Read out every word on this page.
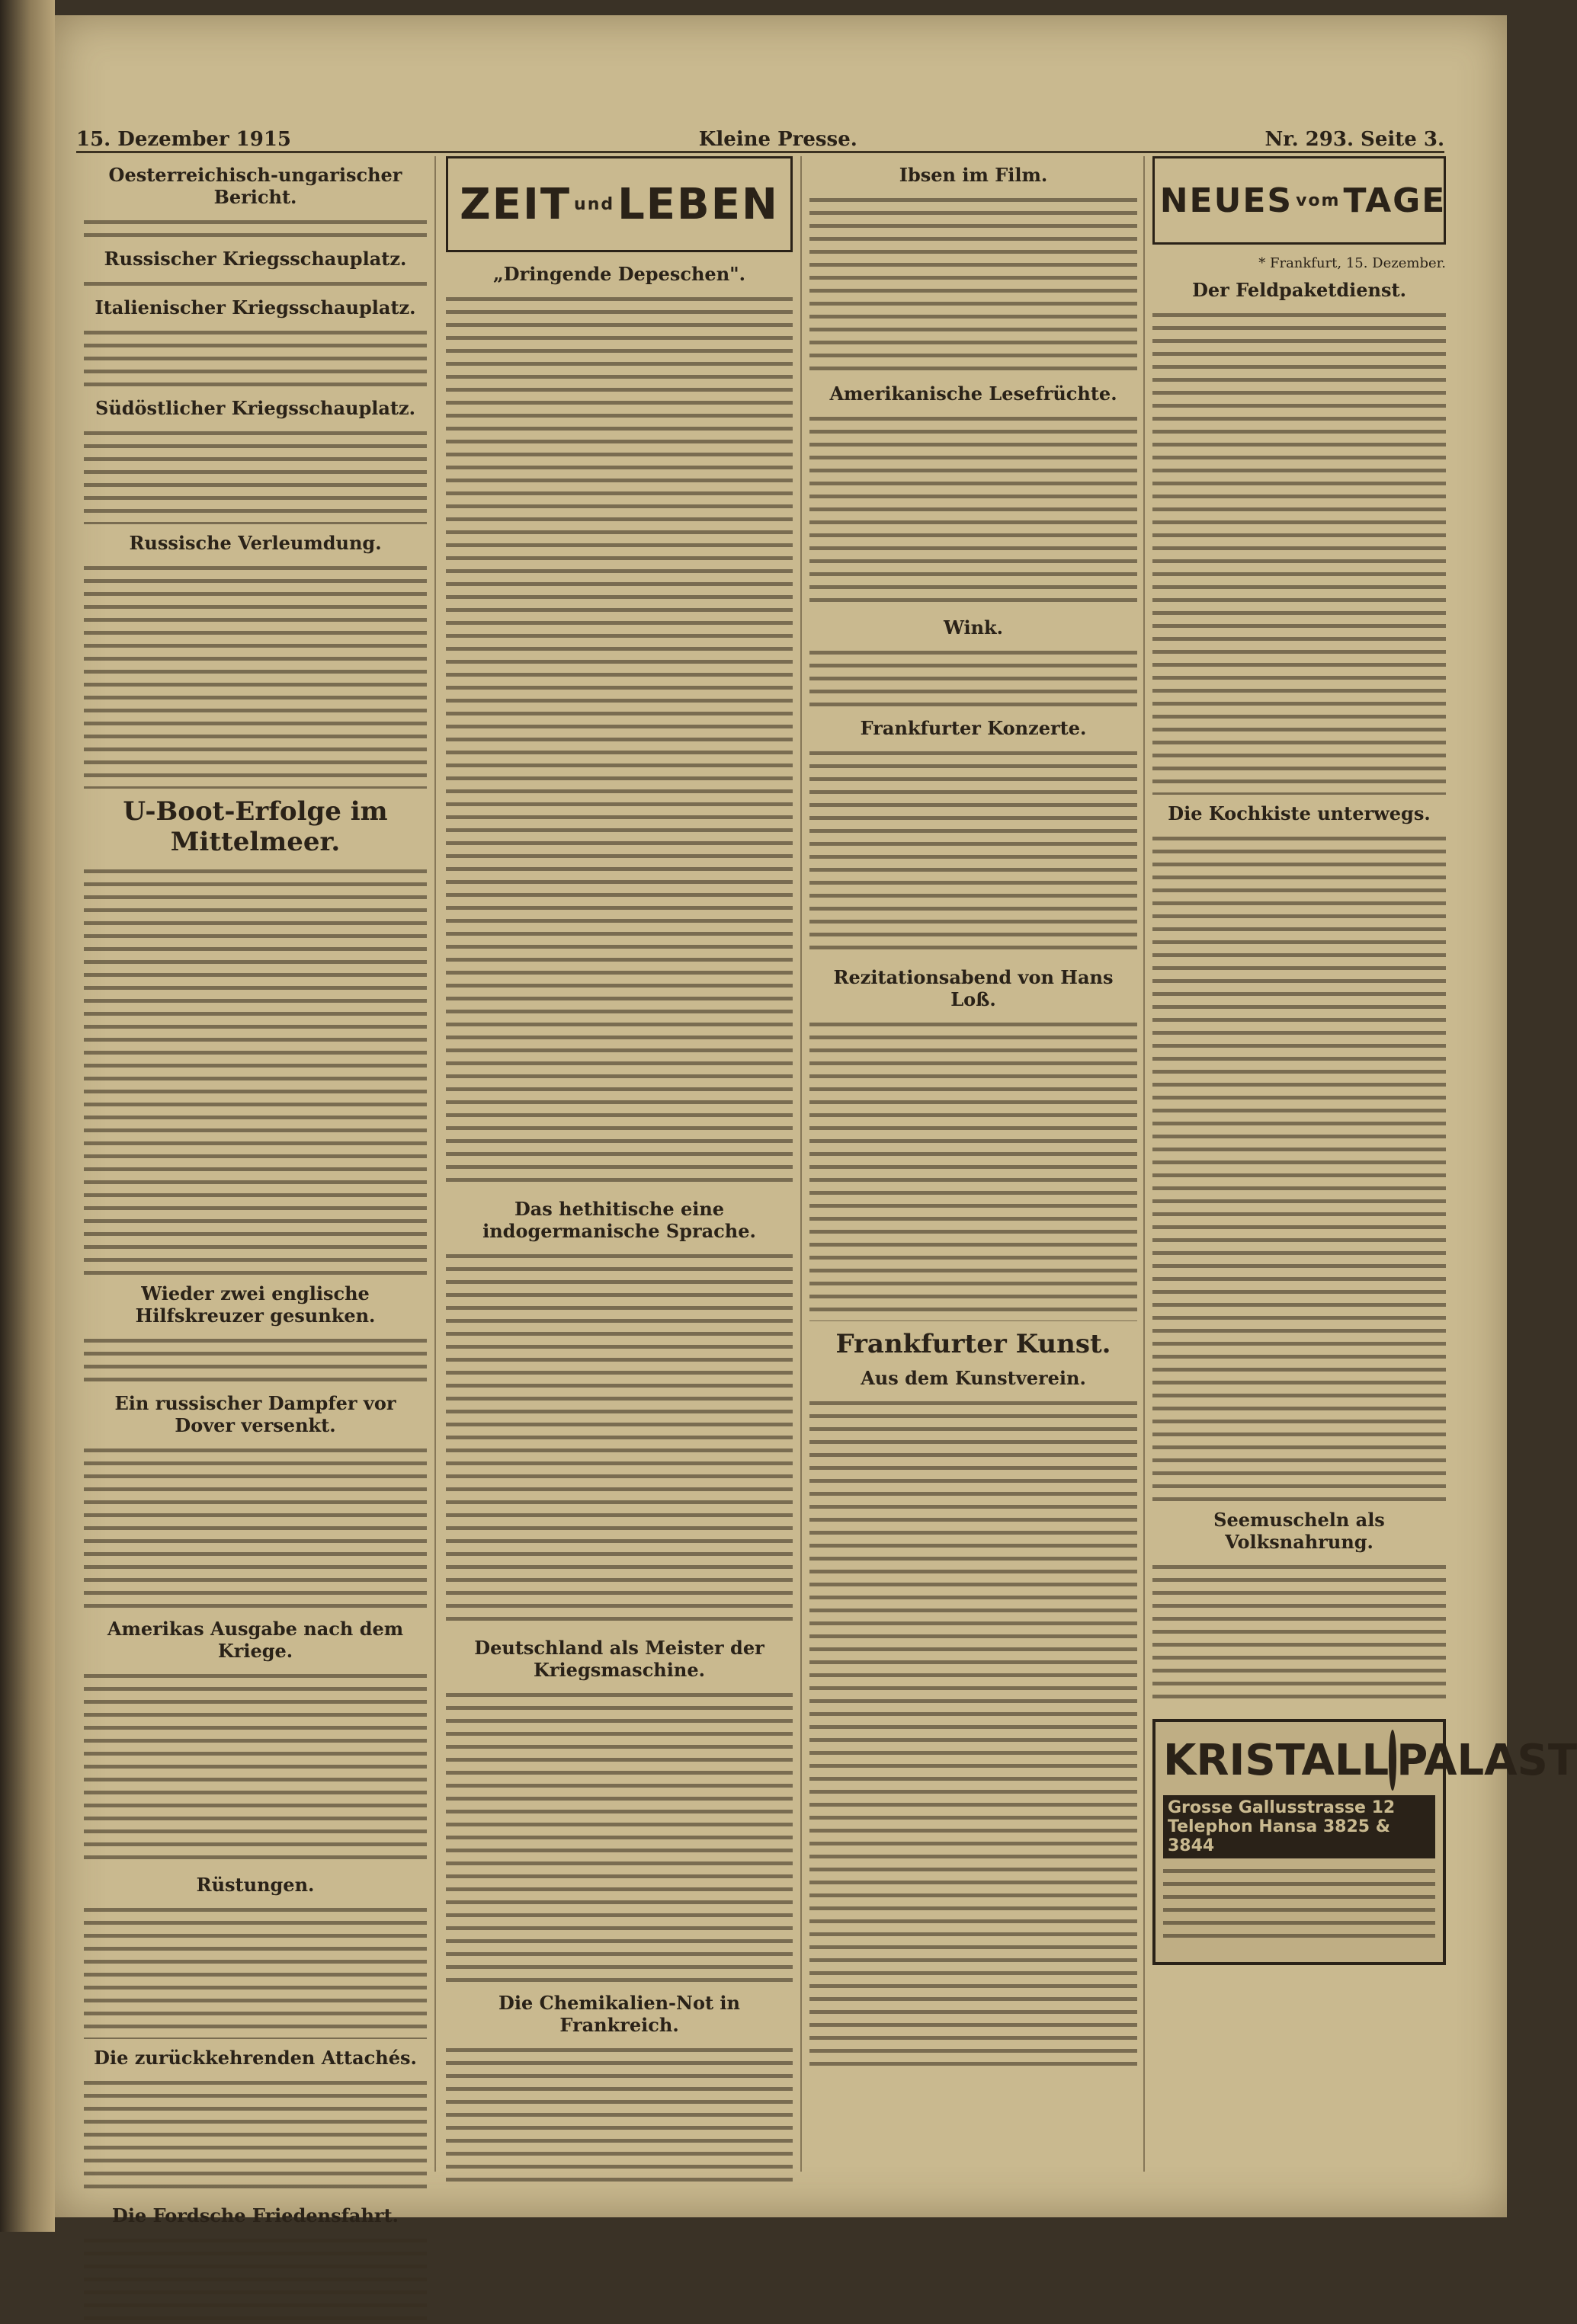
15. Dezember 1915	Kleine Presse.	Nr. 293. Seite 3.
Oesterreichisch-ungarischer Bericht.
Russischer Kriegsschauplatz.
Italienischer Kriegsschauplatz.
Südöstlicher Kriegsschauplatz.
Russische Verleumdung.
U-Boot-Erfolge im Mittelmeer.
Wieder zwei englische Hilfskreuzer gesunken.
Ein russischer Dampfer vor Dover versenkt.
Amerikas Ausgabe nach dem Kriege.
Rüstungen.
Die zurückkehrenden Attachés.
Die Fordsche Friedensfahrt.
ZEIT und LEBEN
„Dringende Depeschen".
Das hethitische eine indogermanische Sprache.
Deutschland als Meister der Kriegsmaschine.
Die Chemikalien-Not in Frankreich.
Ibsen im Film.
Amerikanische Lesefrüchte.
Wink.
Frankfurter Konzerte.
Rezitationsabend von Hans Loß.
Frankfurter Kunst.
Aus dem Kunstverein.
NEUES vom TAGE
* Frankfurt, 15. Dezember.
Der Feldpaketdienst.
Die Kochkiste unterwegs.
Seemuscheln als Volksnahrung.
KRISTALL PALAST
Grosse Gallusstrasse 12 Telephon Hansa 3825 & 3844
